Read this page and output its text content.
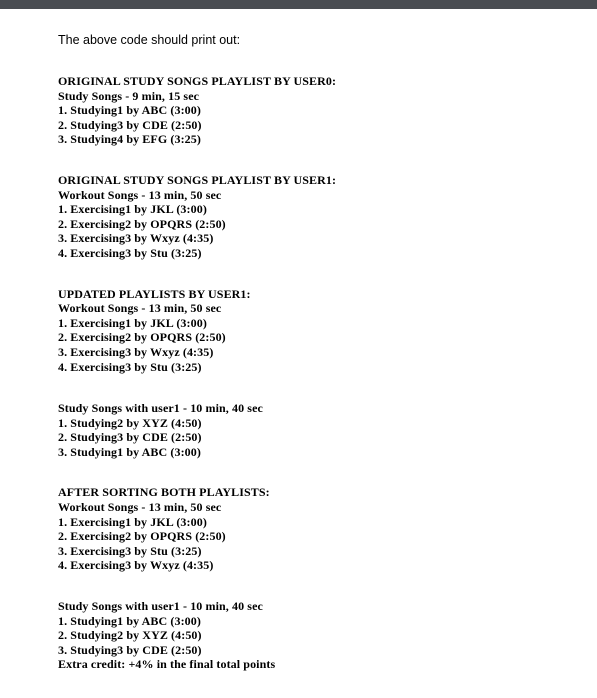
The above code should print out:
ORIGINAL STUDY SONGS PLAYLIST BY USER0:
Study Songs - 9 min, 15 sec
1. Studying1 by ABC (3:00)
2. Studying3 by CDE (2:50)
3. Studying4 by EFG (3:25)
ORIGINAL STUDY SONGS PLAYLIST BY USER1:
Workout Songs - 13 min, 50 sec
1. Exercising1 by JKL (3:00)
2. Exercising2 by OPQRS (2:50)
3. Exercising3 by Wxyz (4:35)
4. Exercising3 by Stu (3:25)
UPDATED PLAYLISTS BY USER1:
Workout Songs - 13 min, 50 sec
1. Exercising1 by JKL (3:00)
2. Exercising2 by OPQRS (2:50)
3. Exercising3 by Wxyz (4:35)
4. Exercising3 by Stu (3:25)
Study Songs with user1 - 10 min, 40 sec
1. Studying2 by XYZ (4:50)
2. Studying3 by CDE (2:50)
3. Studying1 by ABC (3:00)
AFTER SORTING BOTH PLAYLISTS:
Workout Songs - 13 min, 50 sec
1. Exercising1 by JKL (3:00)
2. Exercising2 by OPQRS (2:50)
3. Exercising3 by Stu (3:25)
4. Exercising3 by Wxyz (4:35)
Study Songs with user1 - 10 min, 40 sec
1. Studying1 by ABC (3:00)
2. Studying2 by XYZ (4:50)
3. Studying3 by CDE (2:50)
Extra credit: +4% in the final total points
